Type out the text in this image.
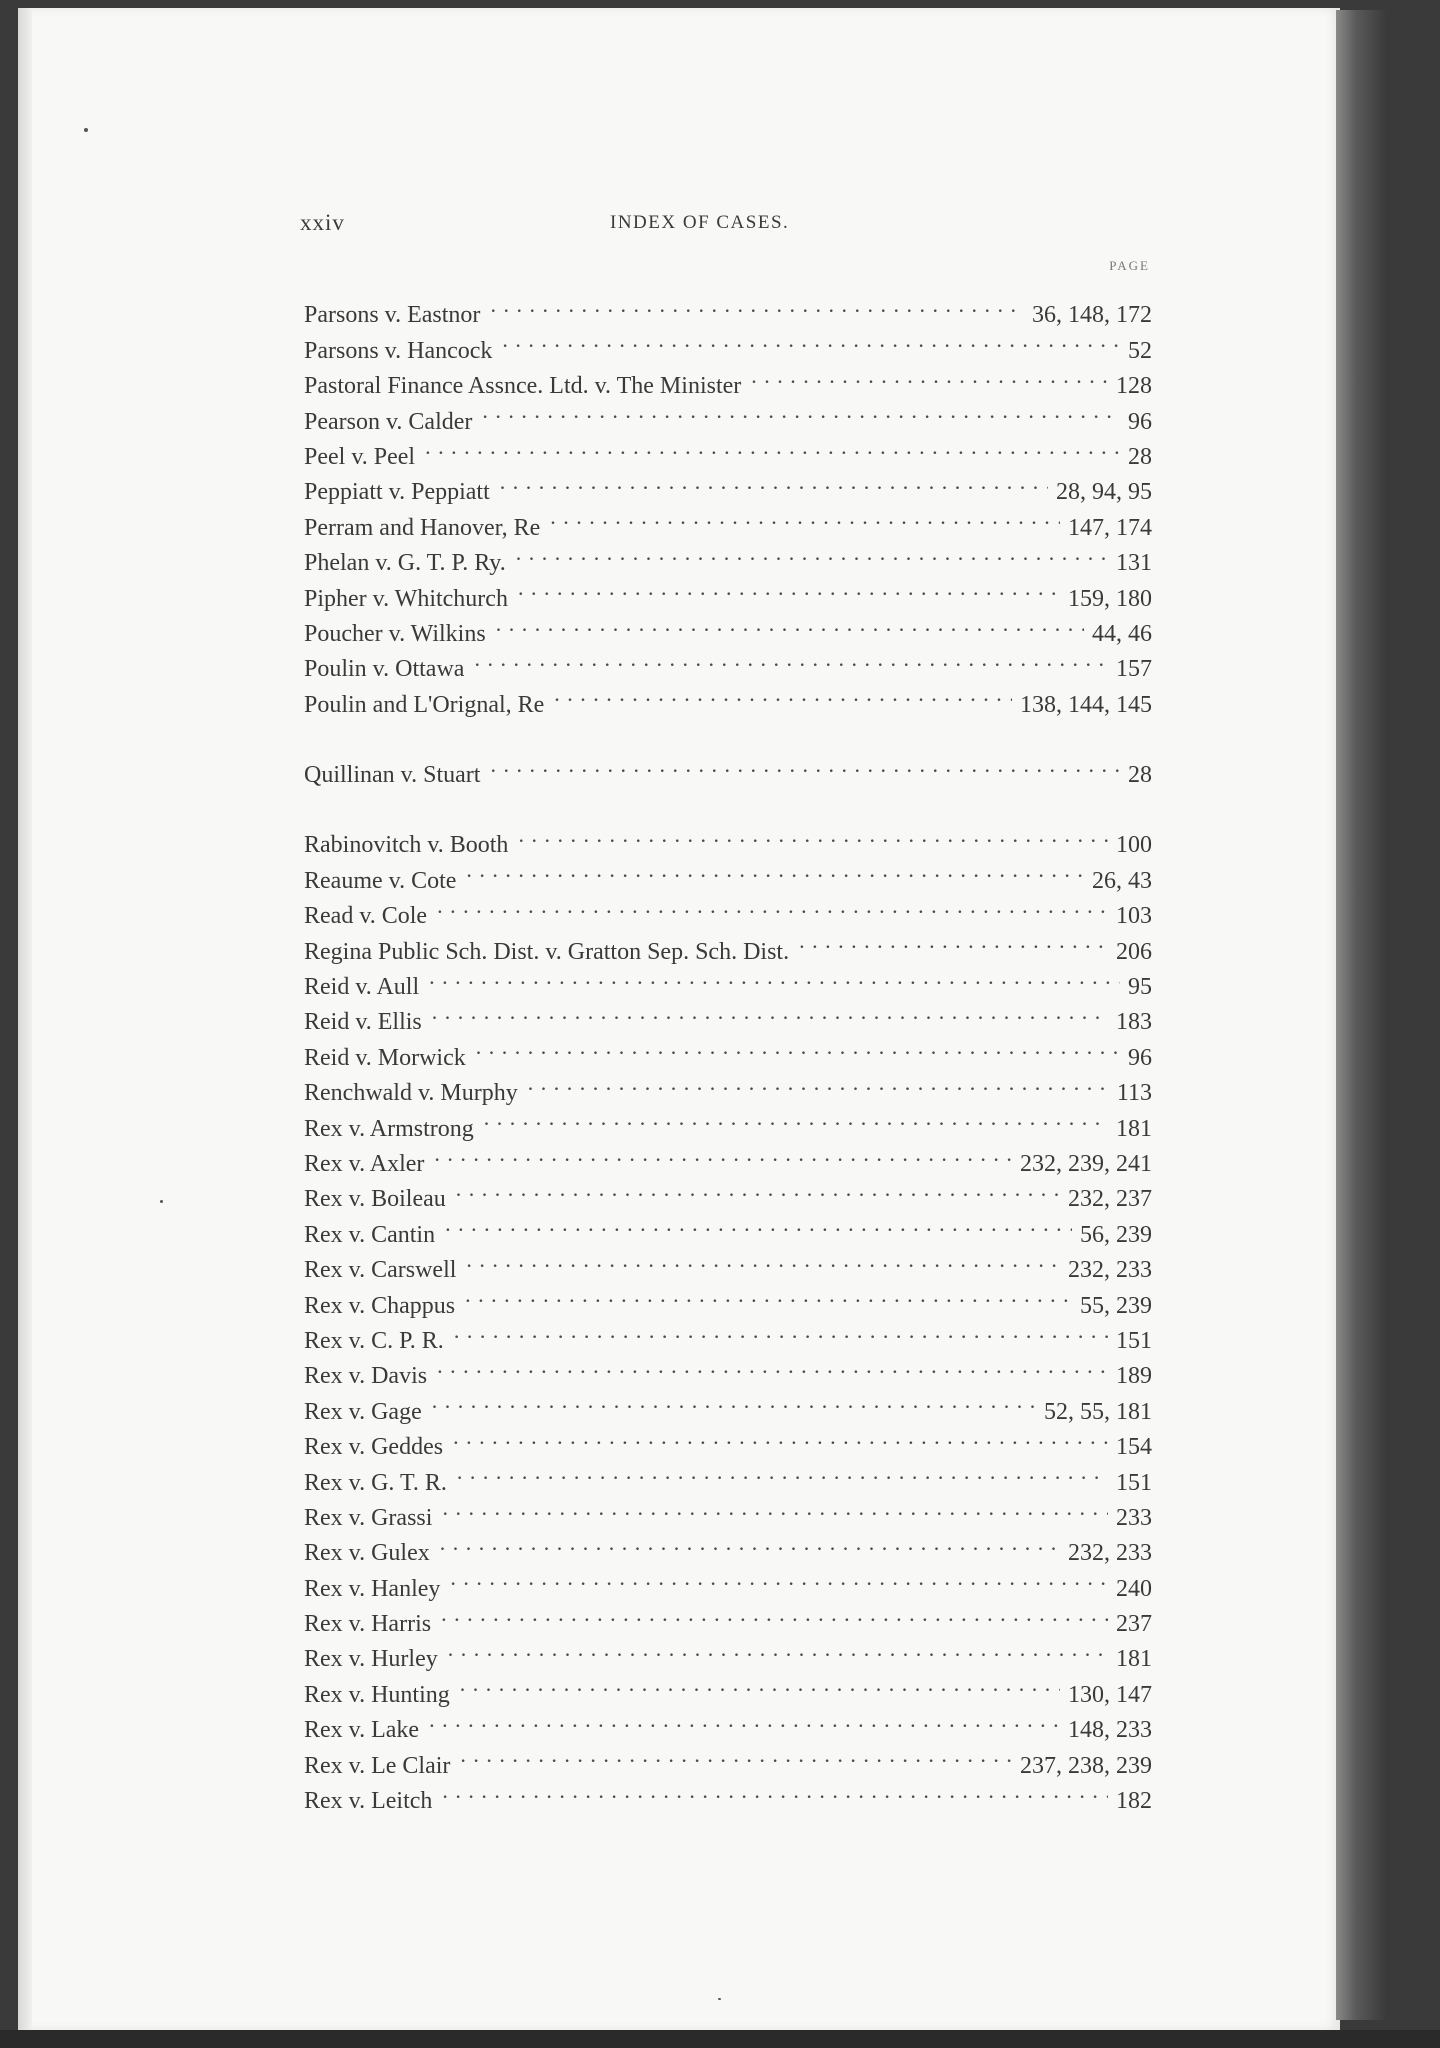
xxiv	INDEX OF CASES.
PAGE
Parsons v. Eastnor . . .	36, 148, 172
Parsons v. Hancock . . .	52
Pastoral Finance Assnce. Ltd. v. The Minister . . .	128
Pearson v. Calder . . .	96
Peel v. Peel . . .	28
Peppiatt v. Peppiatt . . .	28, 94, 95
Perram and Hanover, Re . . .	147, 174
Phelan v. G. T. P. Ry. . . .	131
Pipher v. Whitchurch . . .	159, 180
Poucher v. Wilkins . . .	44, 46
Poulin v. Ottawa . . .	157
Poulin and L'Orignal, Re . . .	138, 144, 145
Quillinan v. Stuart . . .	28
Rabinovitch v. Booth . . .	100
Reaume v. Cote . . .	26, 43
Read v. Cole . . .	103
Regina Public Sch. Dist. v. Gratton Sep. Sch. Dist. . . .	206
Reid v. Aull . . .	95
Reid v. Ellis . . .	183
Reid v. Morwick . . .	96
Renchwald v. Murphy . . .	113
Rex v. Armstrong . . .	181
Rex v. Axler . . .	232, 239, 241
Rex v. Boileau . . .	232, 237
Rex v. Cantin . . .	56, 239
Rex v. Carswell . . .	232, 233
Rex v. Chappus . . .	55, 239
Rex v. C. P. R. . . .	151
Rex v. Davis . . .	189
Rex v. Gage . . .	52, 55, 181
Rex v. Geddes . . .	154
Rex v. G. T. R. . . .	151
Rex v. Grassi . . .	233
Rex v. Gulex . . .	232, 233
Rex v. Hanley . . .	240
Rex v. Harris . . .	237
Rex v. Hurley . . .	181
Rex v. Hunting . . .	130, 147
Rex v. Lake . . .	148, 233
Rex v. Le Clair . . .	237, 238, 239
Rex v. Leitch . . .	182
